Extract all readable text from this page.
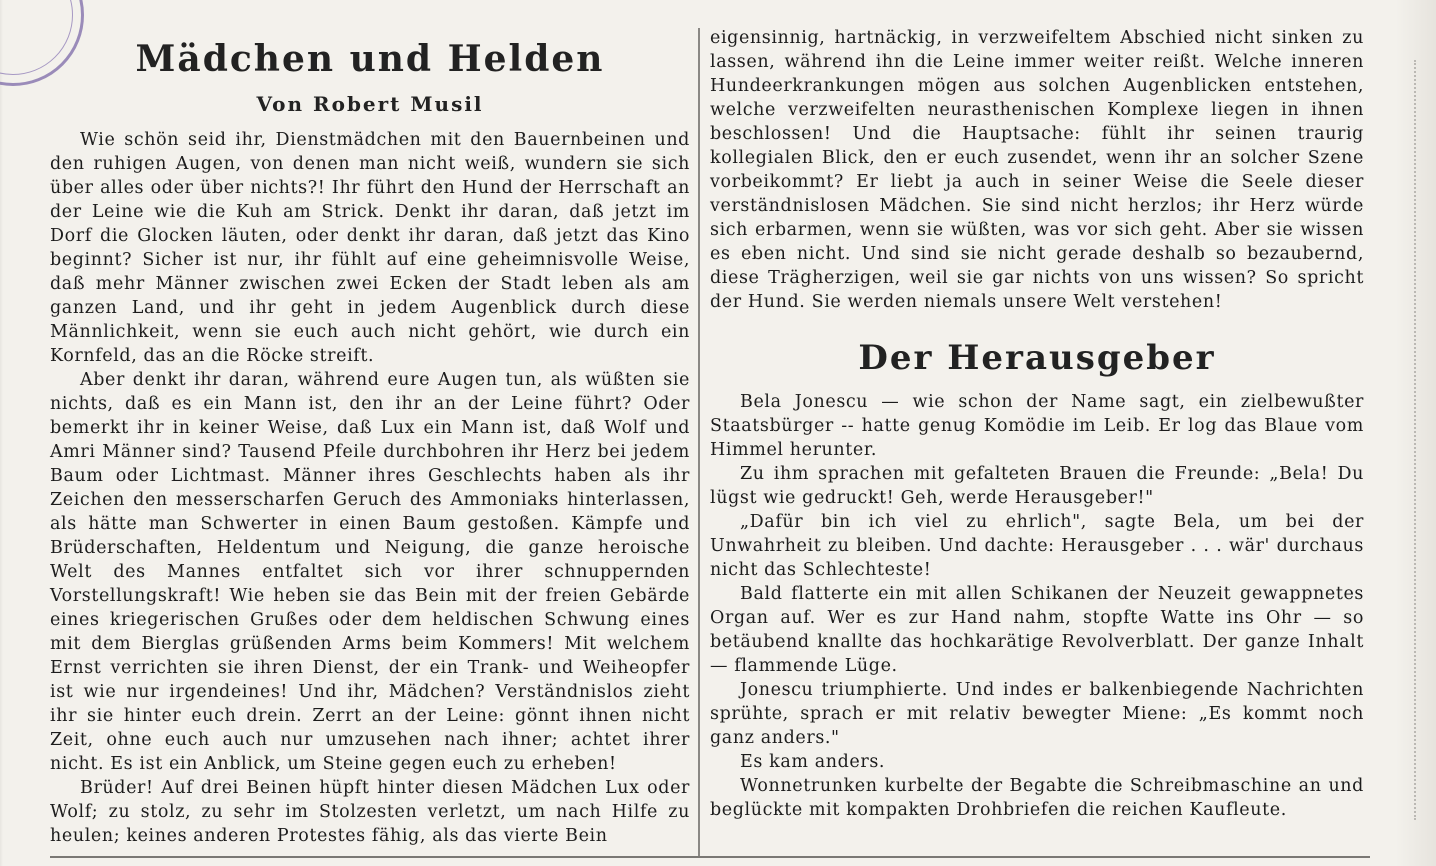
Mädchen und Helden
Von Robert Musil

Wie schön seid ihr, Dienstmädchen mit den Bauernbeinen und den ruhigen Augen, von denen man nicht weiß, wundern sie sich über alles oder über nichts?! Ihr führt den Hund der Herrschaft an der Leine wie die Kuh am Strick. Denkt ihr daran, daß jetzt im Dorf die Glocken läuten, oder denkt ihr daran, daß jetzt das Kino beginnt? Sicher ist nur, ihr fühlt auf eine geheimnisvolle Weise, daß mehr Männer zwischen zwei Ecken der Stadt leben als am ganzen Land, und ihr geht in jedem Augenblick durch diese Männlichkeit, wenn sie euch auch nicht gehört, wie durch ein Kornfeld, das an die Röcke streift.

Aber denkt ihr daran, während eure Augen tun, als wüßten sie nichts, daß es ein Mann ist, den ihr an der Leine führt? Oder bemerkt ihr in keiner Weise, daß Lux ein Mann ist, daß Wolf und Amri Männer sind? Tausend Pfeile durchbohren ihr Herz bei jedem Baum oder Lichtmast. Männer ihres Geschlechts haben als ihr Zeichen den messerscharfen Geruch des Ammoniaks hinterlassen, als hätte man Schwerter in einen Baum gestoßen. Kämpfe und Brüderschaften, Heldentum und Neigung, die ganze heroische Welt des Mannes entfaltet sich vor ihrer schnuppernden Vorstellungskraft! Wie heben sie das Bein mit der freien Gebärde eines kriegerischen Grußes oder dem heldischen Schwung eines mit dem Bierglas grüßenden Arms beim Kommers! Mit welchem Ernst verrichten sie ihren Dienst, der ein Trank- und Weiheopfer ist wie nur irgendeines! Und ihr, Mädchen? Verständnislos zieht ihr sie hinter euch drein. Zerrt an der Leine: gönnt ihnen nicht Zeit, ohne euch auch nur umzusehen nach ihner; achtet ihrer nicht. Es ist ein Anblick, um Steine gegen euch zu erheben!

Brüder! Auf drei Beinen hüpft hinter diesen Mädchen Lux oder Wolf; zu stolz, zu sehr im Stolzesten verletzt, um nach Hilfe zu heulen; keines anderen Protestes fähig, als das vierte Bein

eigensinnig, hartnäckig, in verzweifeltem Abschied nicht sinken zu lassen, während ihn die Leine immer weiter reißt. Welche inneren Hundeerkrankungen mögen aus solchen Augenblicken entstehen, welche verzweifelten neurasthenischen Komplexe liegen in ihnen beschlossen! Und die Hauptsache: fühlt ihr seinen traurig kollegialen Blick, den er euch zusendet, wenn ihr an solcher Szene vorbeikommt? Er liebt ja auch in seiner Weise die Seele dieser verständnislosen Mädchen. Sie sind nicht herzlos; ihr Herz würde sich erbarmen, wenn sie wüßten, was vor sich geht. Aber sie wissen es eben nicht. Und sind sie nicht gerade deshalb so bezaubernd, diese Trägherzigen, weil sie gar nichts von uns wissen? So spricht der Hund. Sie werden niemals unsere Welt verstehen!

Der Herausgeber

Bela Jonescu — wie schon der Name sagt, ein zielbewußter Staatsbürger -- hatte genug Komödie im Leib. Er log das Blaue vom Himmel herunter.

Zu ihm sprachen mit gefalteten Brauen die Freunde: „Bela! Du lügst wie gedruckt! Geh, werde Herausgeber!"

„Dafür bin ich viel zu ehrlich", sagte Bela, um bei der Unwahrheit zu bleiben. Und dachte: Herausgeber . . . wär' durchaus nicht das Schlechteste!

Bald flatterte ein mit allen Schikanen der Neuzeit gewappnetes Organ auf. Wer es zur Hand nahm, stopfte Watte ins Ohr — so betäubend knallte das hochkarätige Revolverblatt. Der ganze Inhalt — flammende Lüge.

Jonescu triumphierte. Und indes er balkenbiegende Nachrichten sprühte, sprach er mit relativ bewegter Miene: „Es kommt noch ganz anders."

Es kam anders.

Wonnetrunken kurbelte der Begabte die Schreibmaschine an und beglückte mit kompakten Drohbriefen die reichen Kaufleute.
